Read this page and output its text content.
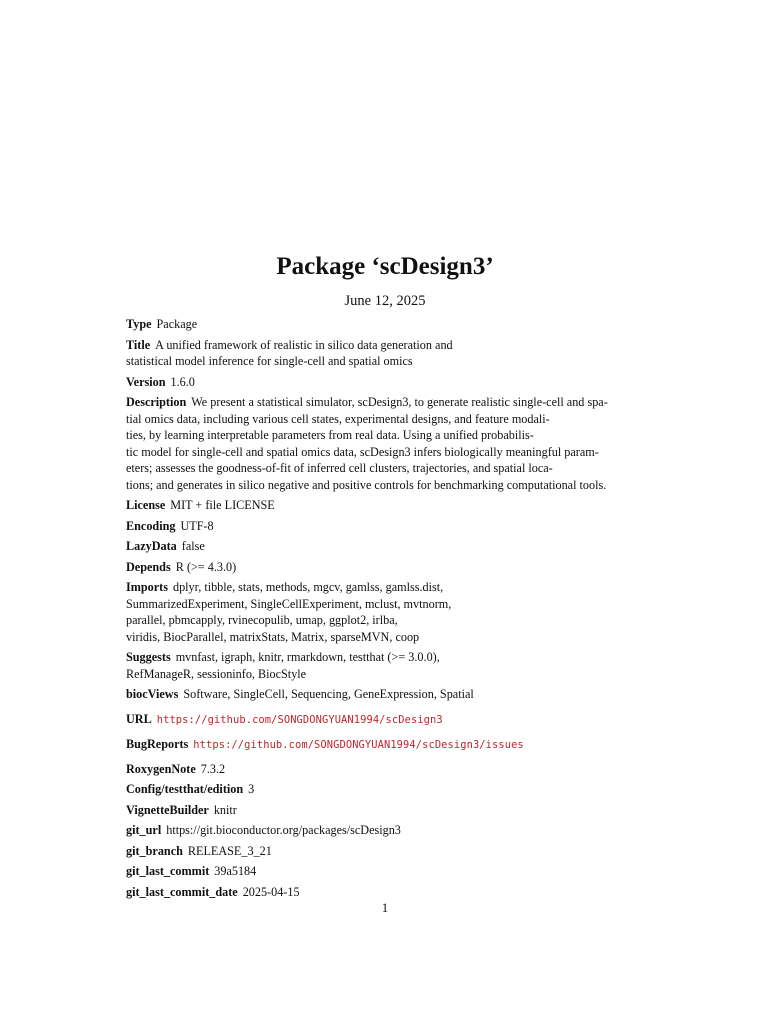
Package ‘scDesign3’
June 12, 2025
Type Package
Title A unified framework of realistic in silico data generation and
statistical model inference for single-cell and spatial omics
Version 1.6.0
Description We present a statistical simulator, scDesign3, to generate realistic single-cell and spa-
tial omics data, including various cell states, experimental designs, and feature modali-
ties, by learning interpretable parameters from real data. Using a unified probabilis-
tic model for single-cell and spatial omics data, scDesign3 infers biologically meaningful param-
eters; assesses the goodness-of-fit of inferred cell clusters, trajectories, and spatial loca-
tions; and generates in silico negative and positive controls for benchmarking computational tools.
License MIT + file LICENSE
Encoding UTF-8
LazyData false
Depends R (>= 4.3.0)
Imports dplyr, tibble, stats, methods, mgcv, gamlss, gamlss.dist,
SummarizedExperiment, SingleCellExperiment, mclust, mvtnorm,
parallel, pbmcapply, rvinecopulib, umap, ggplot2, irlba,
viridis, BiocParallel, matrixStats, Matrix, sparseMVN, coop
Suggests mvnfast, igraph, knitr, rmarkdown, testthat (>= 3.0.0),
RefManageR, sessioninfo, BiocStyle
biocViews Software, SingleCell, Sequencing, GeneExpression, Spatial
URL https://github.com/SONGDONGYUAN1994/scDesign3
BugReports https://github.com/SONGDONGYUAN1994/scDesign3/issues
RoxygenNote 7.3.2
Config/testthat/edition 3
VignetteBuilder knitr
git_url https://git.bioconductor.org/packages/scDesign3
git_branch RELEASE_3_21
git_last_commit 39a5184
git_last_commit_date 2025-04-15
1
